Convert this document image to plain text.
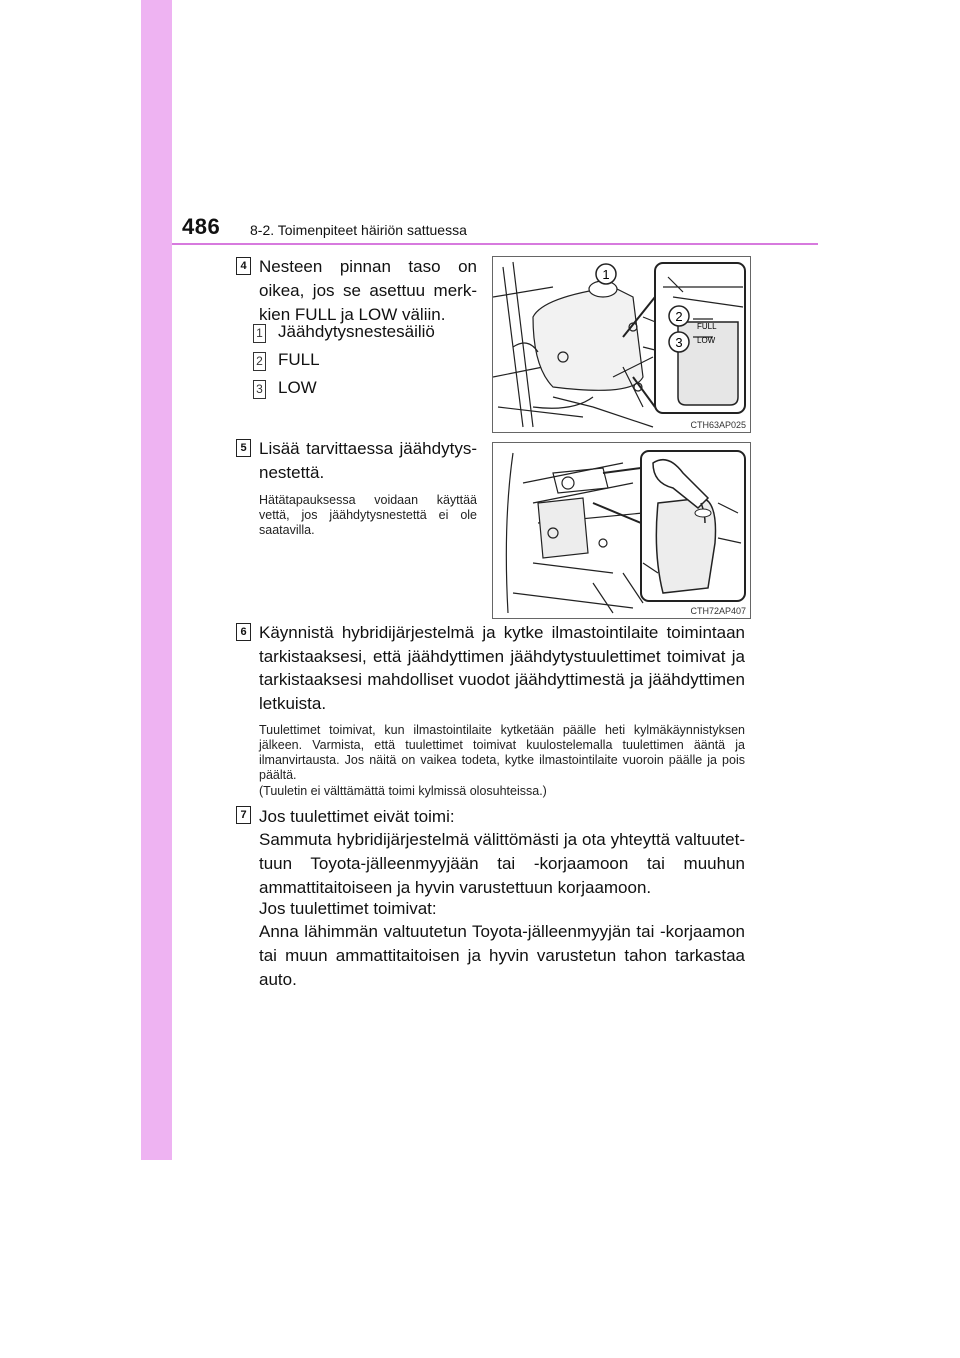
486 8-2. Toimenpiteet häiriön sattuessa
4 Nesteen pinnan taso on oikea, jos se asettuu merkkien FULL ja LOW väliin.
1 Jäähdytysnestesäiliö
2 FULL
3 LOW
FULL
LOW
1
2
3
CTH63AP025
5 Lisää tarvittaessa jäähdytysnestettä.
Hätätapauksessa voidaan käyttää vettä, jos jäähdytysnestettä ei ole saatavilla.
CTH72AP407
6 Käynnistä hybridijärjestelmä ja kytke ilmastointilaite toimintaan tarkistaaksesi, että jäähdyttimen jäähdytystuulettimet toimivat ja tarkistaaksesi mahdolliset vuodot jäähdyttimestä ja jäähdyttimen letkuista.
Tuulettimet toimivat, kun ilmastointilaite kytketään päälle heti kylmäkäynnistyksen jälkeen. Varmista, että tuulettimet toimivat kuulostelemalla tuulettimen ääntä ja ilmanvirtausta. Jos näitä on vaikea todeta, kytke ilmastointilaite vuoroin päälle ja pois päältä.
(Tuuletin ei välttämättä toimi kylmissä olosuhteissa.)
7 Jos tuulettimet eivät toimi:
Sammuta hybridijärjestelmä välittömästi ja ota yhteyttä valtuutettuun Toyota-jälleenmyyjään tai -korjaamoon tai muuhun ammattitaitoiseen ja hyvin varustettuun korjaamoon.
Jos tuulettimet toimivat:
Anna lähimmän valtuutetun Toyota-jälleenmyyjän tai -korjaamon tai muun ammattitaitoisen ja hyvin varustetun tahon tarkastaa auto.
